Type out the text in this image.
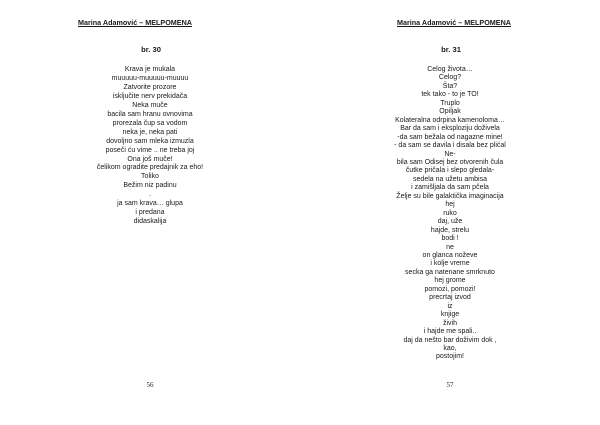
Marina Adamović – MELPOMENA
br. 30
Krava je mukala
muuuuu-muuuuu-muuuu
Zatvorite prozore
isključite nerv prekidača
Neka muče
bacila sam hranu ovnovima
prorezala čup sa vodom
neka je, neka pati
dovoljno sam mleka izmuzla
poseči ću vime .. ne treba joj
Ona još muče!
čelikom ogradite predajnik za eho!
Toliko
Bežim niz padinu
.
ja sam krava… glupa
i predana
didaskalija
56
Marina Adamović – MELPOMENA
br. 31
Celog života…
Celog?
Šta?
tek tako - to je TO!
Truplo
Opiljak
Kolateralna odrpina kamenoloma…
Bar da sam i eksploziju doživela
-da sam bežala od nagazne mine!
- da sam se davila i disala bez plićal
Ne-
bila sam Odisej bez otvorenih čula
čutke pričala i slepo gledala-
sedela na užetu ambisa
i zamišljala da sam pčela
Želje su bile galaktička imaginacija
hej
ruko
daj, uže
hajde, strelu
bodi !
ne
on glanca noževe
i kolje vreme
secka ga natenane smrknuto
hej grome
pomozi, pomozi!
precrtaj izvod
iz
knjige
živih
i hajde me spali..
daj da nešto bar doživim dok ,
kao,
postojim!
57
